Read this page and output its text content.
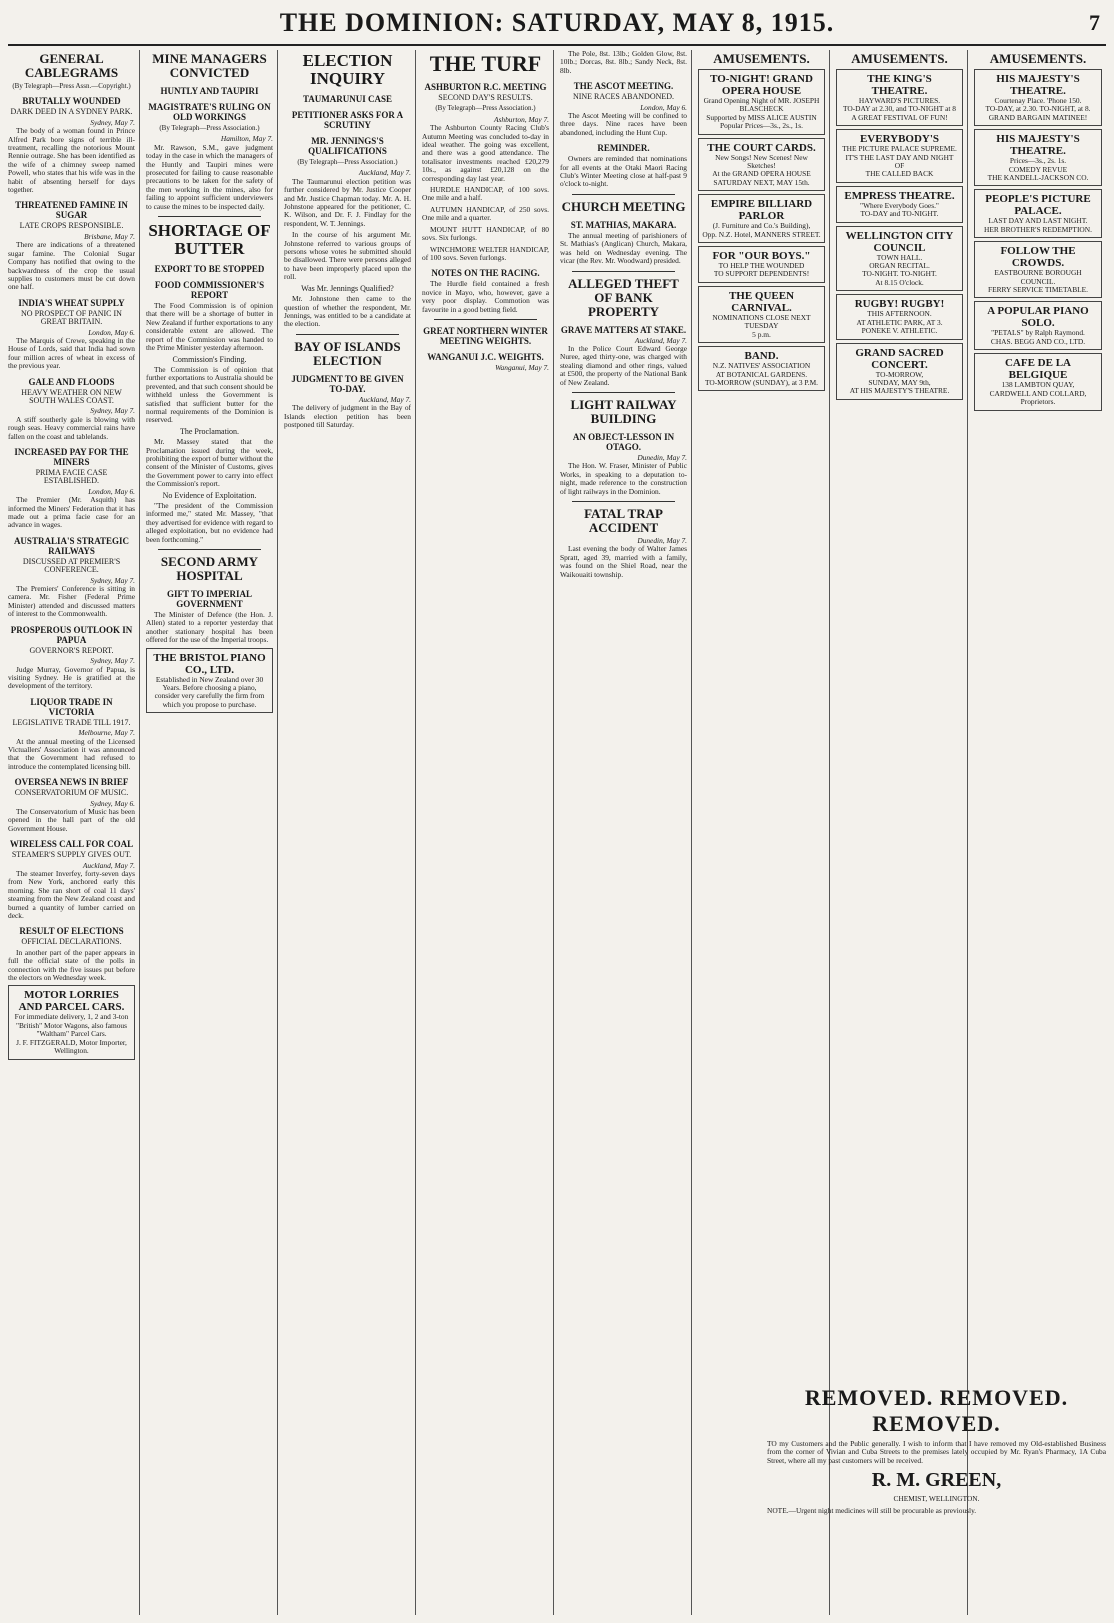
THE DOMINION: SATURDAY, MAY 8, 1915.	7
GENERAL CABLEGRAMS
(By Telegraph—Press Assn.—Copyright.)
BRUTALLY WOUNDED
DARK DEED IN A SYDNEY PARK.
Sydney, May 7.

The body of a woman found in Prince Alfred Park bore signs of terrible ill-treatment, recalling the notorious Mount Rennie outrage. She has been identified as the wife of a chimney sweep named Powell, who states that his wife was in the habit of absenting herself for days together.

THREATENED FAMINE IN SUGAR
LATE CROPS RESPONSIBLE.
Brisbane, May 7.

There are indications of a threatened sugar famine. The Colonial Sugar Company has notified that owing to the backwardness of the crop the usual supplies to customers must be cut down one half.

INDIA'S WHEAT SUPPLY
NO PROSPECT OF PANIC IN GREAT BRITAIN.
London, May 6.

The Marquis of Crewe, speaking in the House of Lords, said that India had sown four million acres of wheat in excess of the previous year.

GALE AND FLOODS
HEAVY WEATHER ON NEW SOUTH WALES COAST.
Sydney, May 7.

A stiff southerly gale is blowing with rough seas. Heavy commercial rains have fallen on the coast and tablelands.

INCREASED PAY FOR THE MINERS
PRIMA FACIE CASE ESTABLISHED.
London, May 6.

The Premier (Mr. Asquith) has informed the Miners' Federation that it has made out a prima facie case for an advance in wages.

AUSTRALIA'S STRATEGIC RAILWAYS
DISCUSSED AT PREMIER'S CONFERENCE.
Sydney, May 7.

The Premiers' Conference is sitting in camera. Mr. Fisher (Federal Prime Minister) attended and discussed matters of interest to the Commonwealth.

PROSPEROUS OUTLOOK IN PAPUA
GOVERNOR'S REPORT.
Sydney, May 7.

Judge Murray, Governor of Papua, is visiting Sydney. He is gratified at the development of the territory.

LIQUOR TRADE IN VICTORIA
LEGISLATIVE TRADE TILL 1917.
Melbourne, May 7.

At the annual meeting of the Licensed Victuallers' Association it was announced that the Government had refused to introduce the contemplated licensing bill.

OVERSEA NEWS IN BRIEF
CONSERVATORIUM OF MUSIC.
Sydney, May 6.

The Conservatorium of Music has been opened in the hall part of the old Government House.

WIRELESS CALL FOR COAL
STEAMER'S SUPPLY GIVES OUT.
Auckland, May 7.

The steamer Inverfey, forty-seven days from New York, anchored early this morning. She ran short of coal 11 days' steaming from the New Zealand coast and burned a quantity of lumber carried on deck.

RESULT OF ELECTIONS
OFFICIAL DECLARATIONS.

In another part of the paper appears in full the official state of the polls in connection with the five issues put before the electors on Wednesday week.

MOTOR LORRIES AND PARCEL CARS.
For immediate delivery, 1, 2 and 3-ton "British" Motor Wagons, also famous "Waltham" Parcel Cars.
J. F. FITZGERALD, Motor Importer, Wellington.
MINE MANAGERS CONVICTED
HUNTLY AND TAUPIRI
MAGISTRATE'S RULING ON OLD WORKINGS
(By Telegraph—Press Association.)
Hamilton, May 7.

Mr. Rawson, S.M., gave judgment today in the case in which the managers of the Huntly and Taupiri mines were prosecuted for failing to cause reasonable precautions to be taken for the safety of the men working in the mines, also for failing to appoint sufficient underviewers to cause the mines to be inspected daily.

SHORTAGE OF BUTTER
EXPORT TO BE STOPPED
FOOD COMMISSIONER'S REPORT

The Food Commission is of opinion that there will be a shortage of butter in New Zealand if further exportations to any considerable extent are allowed. The report of the Commission was handed to the Prime Minister yesterday afternoon.

Commission's Finding.

The Commission is of opinion that further exportations to Australia should be prevented, and that such consent should be withheld unless the Government is satisfied that sufficient butter for the normal requirements of the Dominion is reserved.

The Proclamation.

Mr. Massey stated that the Proclamation issued during the week, prohibiting the export of butter without the consent of the Minister of Customs, gives the Government power to carry into effect the Commission's report.

No Evidence of Exploitation.

"The president of the Commission informed me," stated Mr. Massey, "that they advertised for evidence with regard to alleged exploitation, but no evidence had been forthcoming."

SECOND ARMY HOSPITAL
GIFT TO IMPERIAL GOVERNMENT

The Minister of Defence (the Hon. J. Allen) stated to a reporter yesterday that another stationary hospital has been offered for the use of the Imperial troops.

THE BRISTOL PIANO CO., LTD.
Established in New Zealand over 30 Years. Before choosing a piano, consider very carefully the firm from which you propose to purchase.
ELECTION INQUIRY
TAUMARUNUI CASE
PETITIONER ASKS FOR A SCRUTINY
MR. JENNINGS'S QUALIFICATIONS
(By Telegraph—Press Association.)
Auckland, May 7.

The Taumarunui election petition was further considered by Mr. Justice Cooper and Mr. Justice Chapman today. Mr. A. H. Johnstone appeared for the petitioner, C. K. Wilson, and Dr. F. J. Findlay for the respondent, W. T. Jennings.

In the course of his argument Mr. Johnstone referred to various groups of persons whose votes he submitted should be disallowed. There were persons alleged to have been improperly placed upon the roll.

Was Mr. Jennings Qualified?

Mr. Johnstone then came to the question of whether the respondent, Mr. Jennings, was entitled to be a candidate at the election.

BAY OF ISLANDS ELECTION
JUDGMENT TO BE GIVEN TO-DAY.
Auckland, May 7.

The delivery of judgment in the Bay of Islands election petition has been postponed till Saturday.

THE TURF
ASHBURTON R.C. MEETING
SECOND DAY'S RESULTS.
(By Telegraph—Press Association.)
Ashburton, May 7.

The Ashburton County Racing Club's Autumn Meeting was concluded to-day in ideal weather. The going was excellent, and there was a good attendance. The totalisator investments reached £20,279 10s., as against £20,128 on the corresponding day last year.

HURDLE HANDICAP, of 100 sovs. One mile and a half.

AUTUMN HANDICAP, of 250 sovs. One mile and a quarter.

MOUNT HUTT HANDICAP, of 80 sovs. Six furlongs.

WINCHMORE WELTER HANDICAP, of 100 sovs. Seven furlongs.

NOTES ON THE RACING.

The Hurdle field contained a fresh novice in Mayo, who, however, gave a very poor display. Commotion was favourite in a good betting field.

GREAT NORTHERN WINTER MEETING WEIGHTS.
WANGANUI J.C. WEIGHTS.
Wanganui, May 7.

The Pole, 8st. 13lb.; Golden Glow, 8st. 10lb.; Dorcas, 8st. 8lb.; Sandy Neck, 8st. 8lb.

THE ASCOT MEETING.
NINE RACES ABANDONED.
London, May 6.

The Ascot Meeting will be confined to three days. Nine races have been abandoned, including the Hunt Cup.

REMINDER.

Owners are reminded that nominations for all events at the Otaki Maori Racing Club's Winter Meeting close at half-past 9 o'clock to-night.

CHURCH MEETING
ST. MATHIAS, MAKARA.

The annual meeting of parishioners of St. Mathias's (Anglican) Church, Makara, was held on Wednesday evening. The vicar (the Rev. Mr. Woodward) presided.

ALLEGED THEFT OF BANK PROPERTY
GRAVE MATTERS AT STAKE.
Auckland, May 7.

In the Police Court Edward George Nuree, aged thirty-one, was charged with stealing diamond and other rings, valued at £500, the property of the National Bank of New Zealand.

LIGHT RAILWAY BUILDING
AN OBJECT-LESSON IN OTAGO.
Dunedin, May 7.

The Hon. W. Fraser, Minister of Public Works, in speaking to a deputation to-night, made reference to the construction of light railways in the Dominion.

FATAL TRAP ACCIDENT
Dunedin, May 7.

Last evening the body of Walter James Spratt, aged 39, married with a family, was found on the Shiel Road, near the Waikouaiti township.

AMUSEMENTS.
TO-NIGHT! GRAND OPERA HOUSE
Grand Opening Night of MR. JOSEPH BLASCHECK
Supported by MISS ALICE AUSTIN
Popular Prices—3s., 2s., 1s.
THE COURT CARDS.
New Songs! New Scenes! New Sketches!
At the GRAND OPERA HOUSE
SATURDAY NEXT, MAY 15th.
EMPIRE BILLIARD PARLOR
(J. Furniture and Co.'s Building),
Opp. N.Z. Hotel, MANNERS STREET.
FOR "OUR BOYS."
TO HELP THE WOUNDED
TO SUPPORT DEPENDENTS!
THE QUEEN CARNIVAL.
NOMINATIONS CLOSE NEXT TUESDAY
5 p.m.
BAND.
N.Z. NATIVES' ASSOCIATION
AT BOTANICAL GARDENS.
TO-MORROW (SUNDAY), at 3 P.M.
AMUSEMENTS.
THE KING'S THEATRE.
HAYWARD'S PICTURES.
TO-DAY at 2.30, and TO-NIGHT at 8
A GREAT FESTIVAL OF FUN!
EVERYBODY'S
THE PICTURE PALACE SUPREME.
IT'S THE LAST DAY AND NIGHT OF
THE CALLED BACK
EMPRESS THEATRE.
"Where Everybody Goes."
TO-DAY and TO-NIGHT.
WELLINGTON CITY COUNCIL
TOWN HALL.
ORGAN RECITAL.
TO-NIGHT. TO-NIGHT.
At 8.15 O'clock.
RUGBY! RUGBY!
THIS AFTERNOON.
AT ATHLETIC PARK, AT 3.
PONEKE V. ATHLETIC.
GRAND SACRED CONCERT.
TO-MORROW,
SUNDAY, MAY 9th,
AT HIS MAJESTY'S THEATRE.
AMUSEMENTS.
HIS MAJESTY'S THEATRE.
Courtenay Place. 'Phone 150.
TO-DAY, at 2.30. TO-NIGHT, at 8.
GRAND BARGAIN MATINEE!
HIS MAJESTY'S THEATRE.
Prices—3s., 2s. 1s.
COMEDY REVUE
THE KANDELL-JACKSON CO.
PEOPLE'S PICTURE PALACE.
LAST DAY AND LAST NIGHT.
HER BROTHER'S REDEMPTION.
FOLLOW THE CROWDS.
EASTBOURNE BOROUGH COUNCIL.
FERRY SERVICE TIMETABLE.
A POPULAR PIANO SOLO.
"PETALS" by Ralph Raymond.
CHAS. BEGG AND CO., LTD.
CAFE DE LA BELGIQUE
138 LAMBTON QUAY,
CARDWELL AND COLLARD, Proprietors.
REMOVED. REMOVED. REMOVED.
TO my Customers and the Public generally. I wish to inform that I have removed my Old-established Business from the corner of Vivian and Cuba Streets to the premises lately occupied by Mr. Ryan's Pharmacy, 1A Cuba Street, where all my past customers will be received.
R. M. GREEN,
CHEMIST, WELLINGTON.
NOTE.—Urgent night medicines will still be procurable as previously.
